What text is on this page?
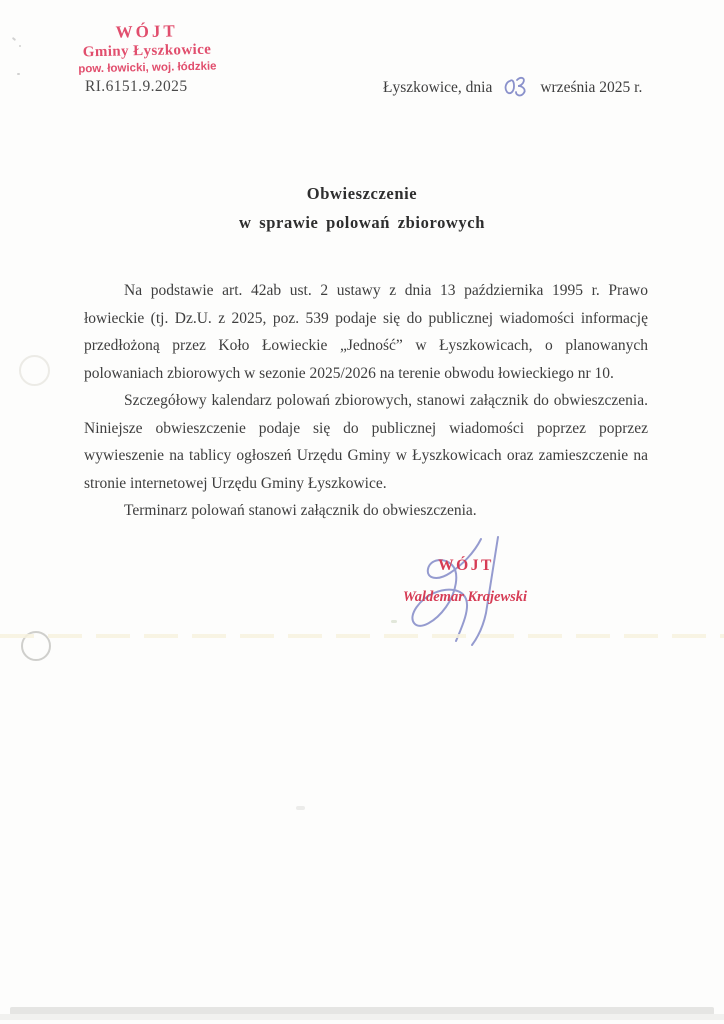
WÓJT
Gminy Łyszkowice
pow. łowicki, woj. łódzkie
RI.6151.9.2025	Łyszkowice, dnia	września 2025 r.
Obwieszczenie
w sprawie polowań zbiorowych

Na podstawie art. 42ab ust. 2 ustawy z dnia 13 października 1995 r. Prawo łowieckie (tj. Dz.U. z 2025, poz. 539 podaje się do publicznej wiadomości informację przedłożoną przez Koło Łowieckie „Jedność” w Łyszkowicach, o planowanych polowaniach zbiorowych w sezonie 2025/2026 na terenie obwodu łowieckiego nr 10.

Szczegółowy kalendarz polowań zbiorowych, stanowi załącznik do obwieszczenia. Niniejsze obwieszczenie podaje się do publicznej wiadomości poprzez poprzez wywieszenie na tablicy ogłoszeń Urzędu Gminy w Łyszkowicach oraz zamieszczenie na stronie internetowej Urzędu Gminy Łyszkowice.

Terminarz polowań stanowi załącznik do obwieszczenia.

WÓJT
Waldemar Krajewski
